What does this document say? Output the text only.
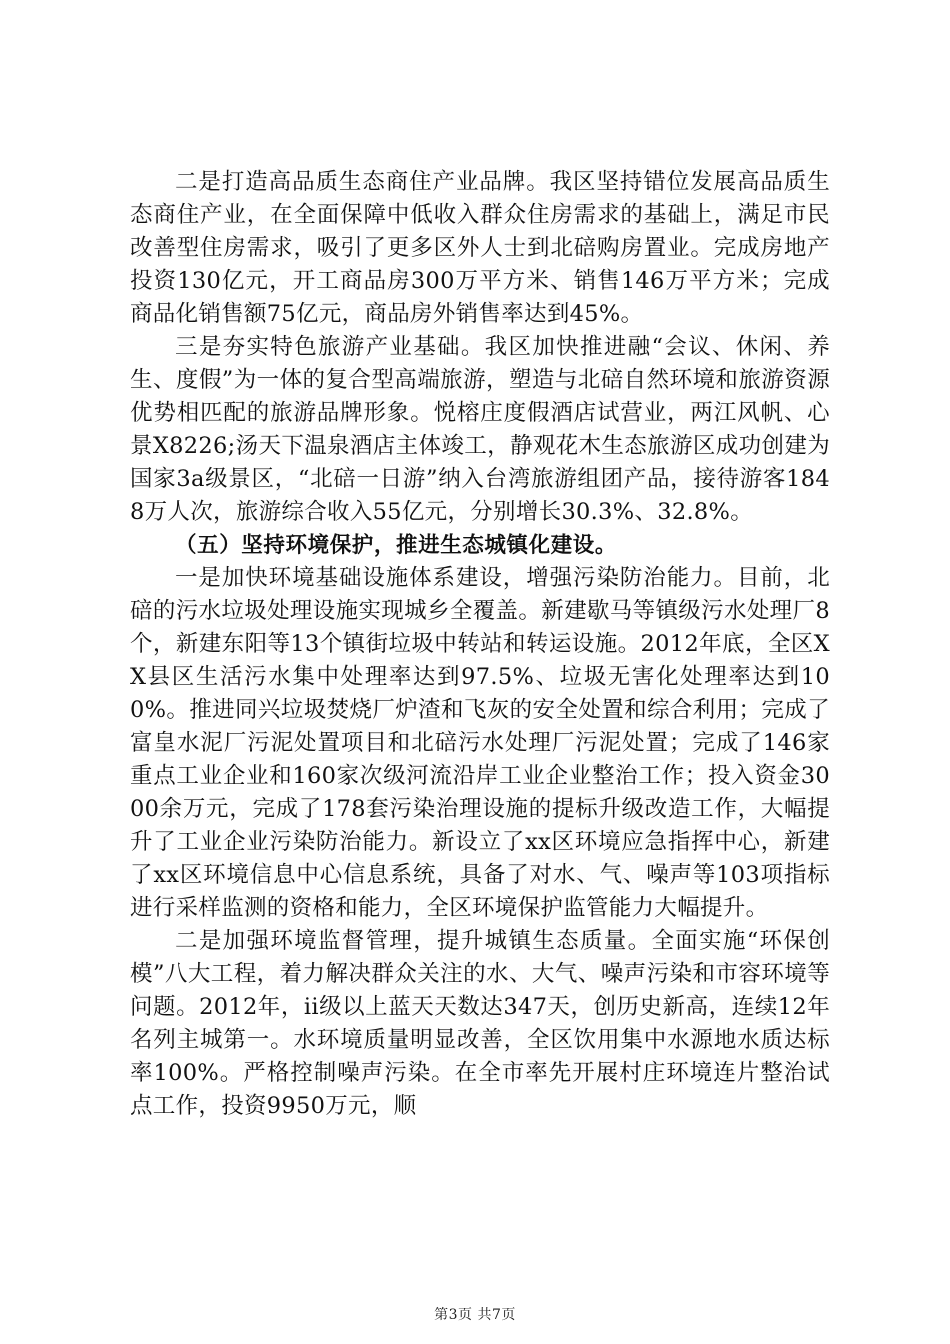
二是打造高品质生态商住产业品牌。我区坚持错位发展高品质生态商住产业，在全面保障中低收入群众住房需求的基础上，满足市民改善型住房需求，吸引了更多区外人士到北碚购房置业。完成房地产投资130亿元，开工商品房300万平方米、销售146万平方米；完成商品化销售额75亿元，商品房外销售率达到45%。

三是夯实特色旅游产业基础。我区加快推进融“会议、休闲、养生、度假”为一体的复合型高端旅游，塑造与北碚自然环境和旅游资源优势相匹配的旅游品牌形象。悦榕庄度假酒店试营业，两江风帆、心景X8226;汤天下温泉酒店主体竣工，静观花木生态旅游区成功创建为国家3a级景区，“北碚一日游”纳入台湾旅游组团产品，接待游客1848万人次，旅游综合收入55亿元，分别增长30.3%、32.8%。

（五）坚持环境保护，推进生态城镇化建设。

一是加快环境基础设施体系建设，增强污染防治能力。目前，北碚的污水垃圾处理设施实现城乡全覆盖。新建歇马等镇级污水处理厂8个，新建东阳等13个镇街垃圾中转站和转运设施。2012年底，全区XX县区生活污水集中处理率达到97.5%、垃圾无害化处理率达到100%。推进同兴垃圾焚烧厂炉渣和飞灰的安全处置和综合利用；完成了富皇水泥厂污泥处置项目和北碚污水处理厂污泥处置；完成了146家重点工业企业和160家次级河流沿岸工业企业整治工作；投入资金3000余万元，完成了178套污染治理设施的提标升级改造工作，大幅提升了工业企业污染防治能力。新设立了xx区环境应急指挥中心，新建了xx区环境信息中心信息系统，具备了对水、气、噪声等103项指标进行采样监测的资格和能力，全区环境保护监管能力大幅提升。

二是加强环境监督管理，提升城镇生态质量。全面实施“环保创模”八大工程，着力解决群众关注的水、大气、噪声污染和市容环境等问题。2012年，ii级以上蓝天天数达347天，创历史新高，连续12年名列主城第一。水环境质量明显改善，全区饮用集中水源地水质达标率100%。严格控制噪声污染。在全市率先开展村庄环境连片整治试点工作，投资9950万元，顺

第3页 共7页
